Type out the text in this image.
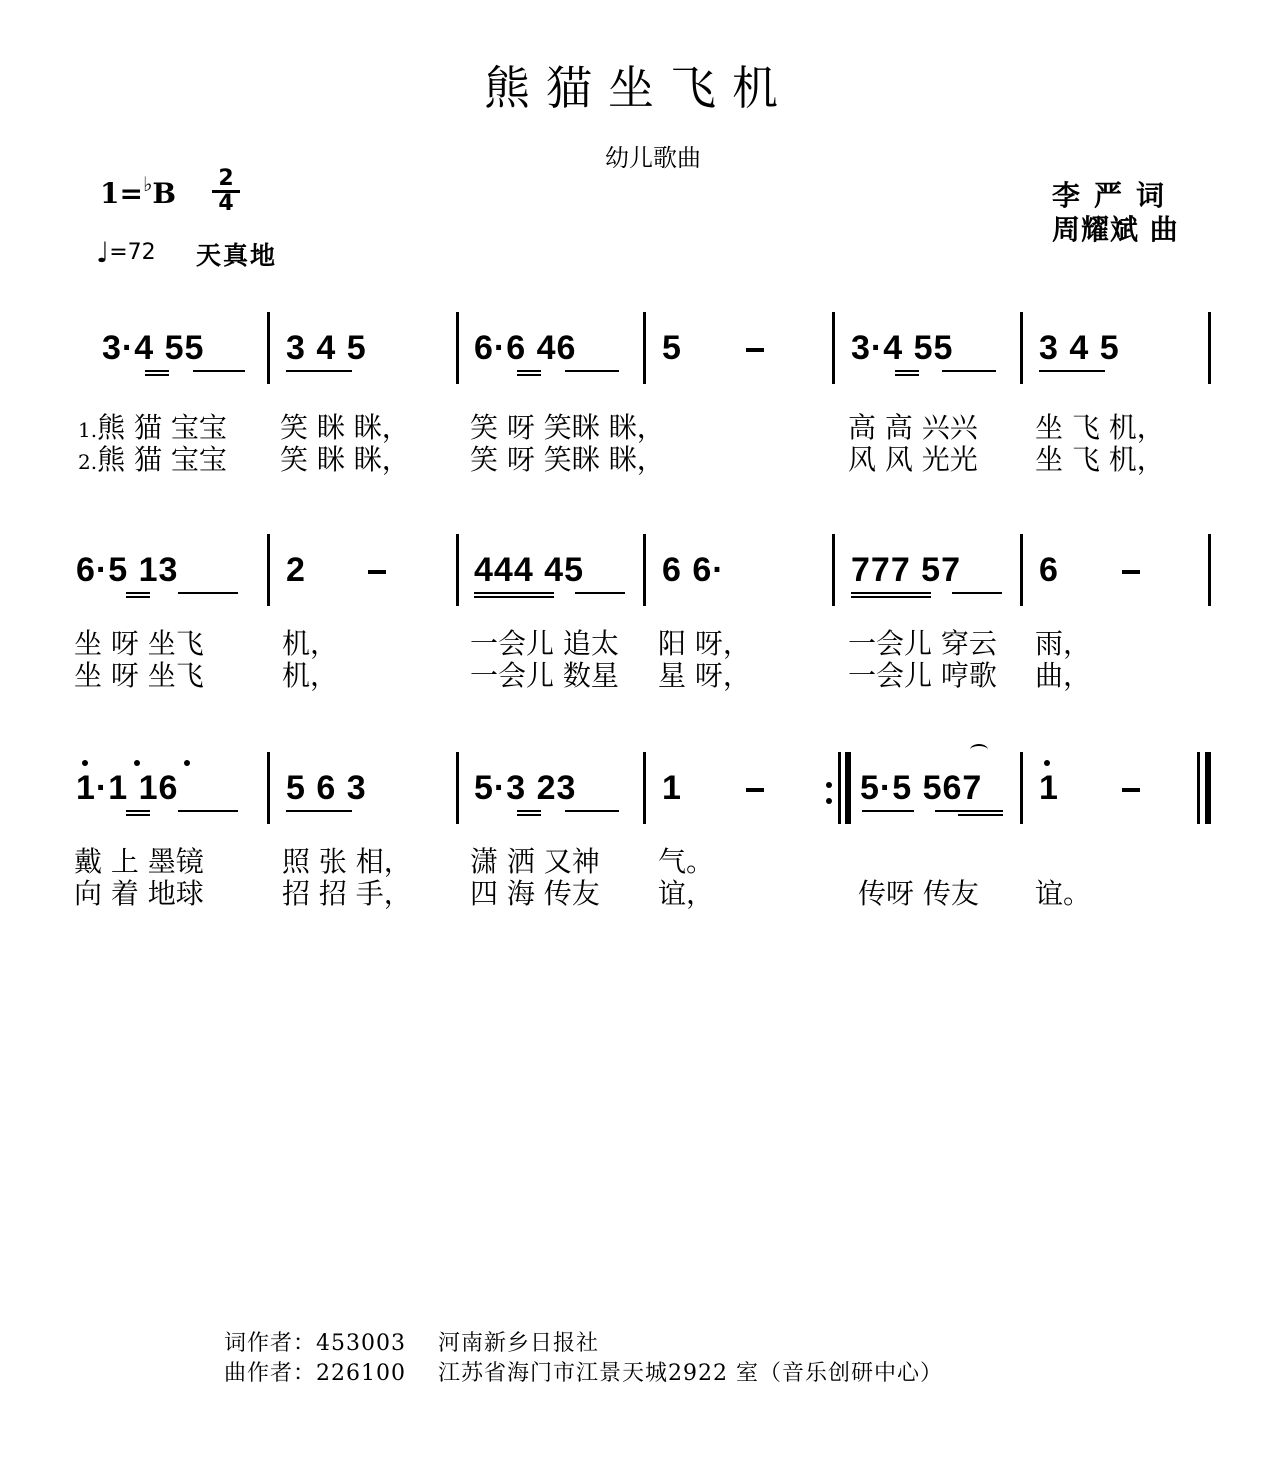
熊猫坐飞机
幼儿歌曲
1=♭B 2
4
♩=72 天真地
李严词
周耀斌 曲
3·4 55 3 4 5	6·6 46	5	3·4 55	3 4 5
1.熊 猫 宝宝 笑 眯 眯， 笑 呀 笑眯 眯，	高 高 兴兴 坐 飞 机，
2.熊 猫 宝宝 笑 眯 眯， 笑 呀 笑眯 眯，	风 风 光光 坐 飞 机，
6·5 13	2	444 45 6 6·	777 57 6
坐 呀 坐飞	机，	一会儿 追太 阳 呀，	一会儿 穿云 雨，
坐 呀 坐飞	机，	一会儿 数星 星 呀，	一会儿 哼歌 曲，
1·1 16	5 6 3	5·3 23	1	5·5 567 1
戴 上 墨镜	照 张 相， 潇 洒 又神 气。
向 着 地球	招 招 手， 四 海 传友 谊，	传呀 传友 谊。
词作者：453003 河南新乡日报社
曲作者：226100 江苏省海门市江景天城2922 室（音乐创研中心）
